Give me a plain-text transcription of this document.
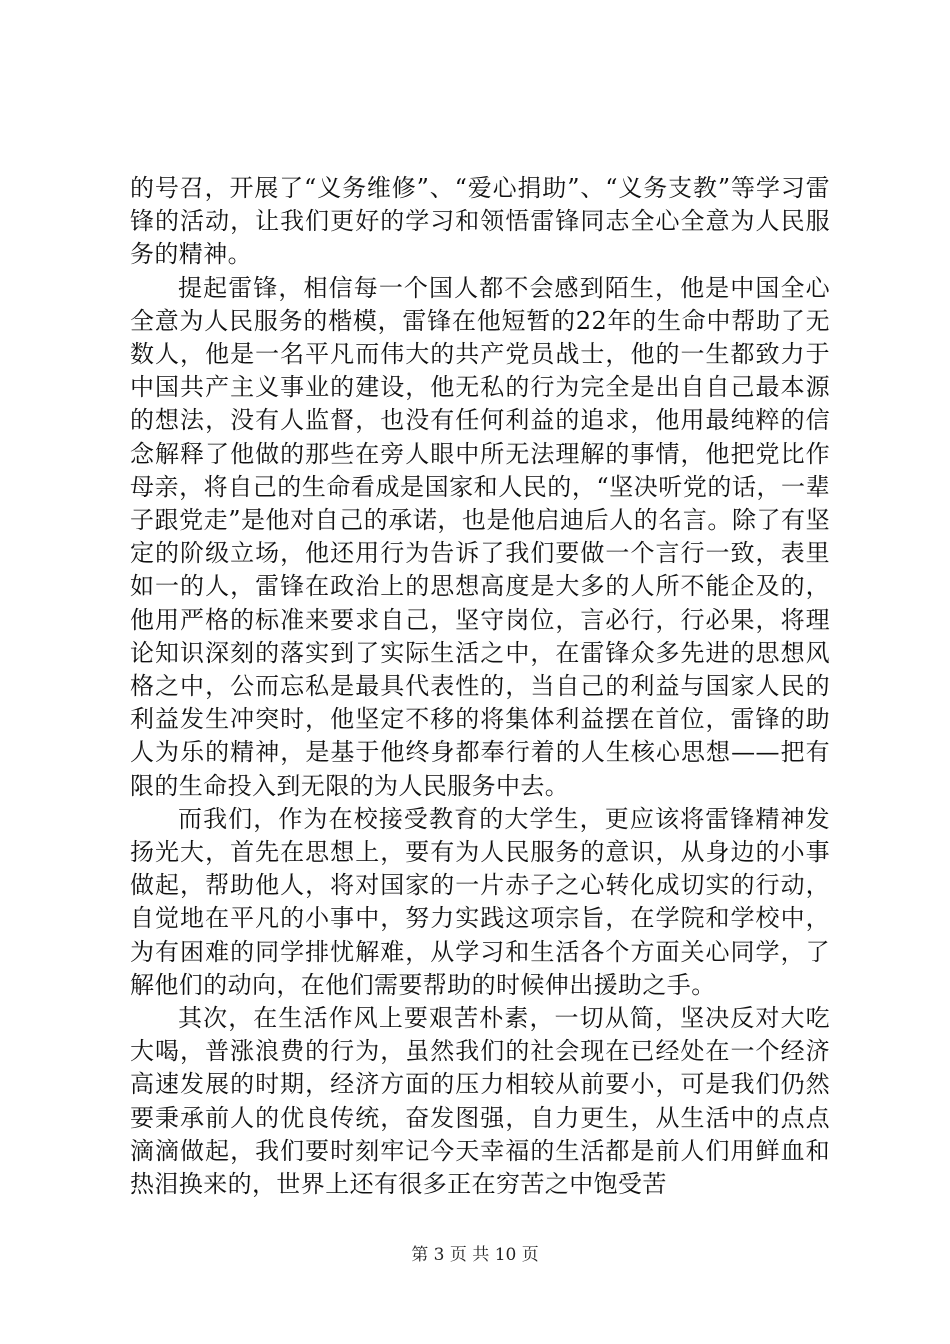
的号召，开展了“义务维修”、“爱心捐助”、“义务支教”等学习雷锋的活动，让我们更好的学习和领悟雷锋同志全心全意为人民服务的精神。

提起雷锋，相信每一个国人都不会感到陌生，他是中国全心全意为人民服务的楷模，雷锋在他短暂的22年的生命中帮助了无数人，他是一名平凡而伟大的共产党员战士，他的一生都致力于中国共产主义事业的建设，他无私的行为完全是出自自己最本源的想法，没有人监督，也没有任何利益的追求，他用最纯粹的信念解释了他做的那些在旁人眼中所无法理解的事情，他把党比作母亲，将自己的生命看成是国家和人民的，“坚决听党的话，一辈子跟党走”是他对自己的承诺，也是他启迪后人的名言。除了有坚定的阶级立场，他还用行为告诉了我们要做一个言行一致，表里如一的人，雷锋在政治上的思想高度是大多的人所不能企及的，他用严格的标准来要求自己，坚守岗位，言必行，行必果，将理论知识深刻的落实到了实际生活之中，在雷锋众多先进的思想风格之中，公而忘私是最具代表性的，当自己的利益与国家人民的利益发生冲突时，他坚定不移的将集体利益摆在首位，雷锋的助人为乐的精神，是基于他终身都奉行着的人生核心思想——把有限的生命投入到无限的为人民服务中去。

而我们，作为在校接受教育的大学生，更应该将雷锋精神发扬光大，首先在思想上，要有为人民服务的意识，从身边的小事做起，帮助他人，将对国家的一片赤子之心转化成切实的行动，自觉地在平凡的小事中，努力实践这项宗旨，在学院和学校中，为有困难的同学排忧解难，从学习和生活各个方面关心同学，了解他们的动向，在他们需要帮助的时候伸出援助之手。

其次，在生活作风上要艰苦朴素，一切从简，坚决反对大吃大喝，普涨浪费的行为，虽然我们的社会现在已经处在一个经济高速发展的时期，经济方面的压力相较从前要小，可是我们仍然要秉承前人的优良传统，奋发图强，自力更生，从生活中的点点滴滴做起，我们要时刻牢记今天幸福的生活都是前人们用鲜血和热泪换来的，世界上还有很多正在穷苦之中饱受苦

第 3 页 共 10 页
